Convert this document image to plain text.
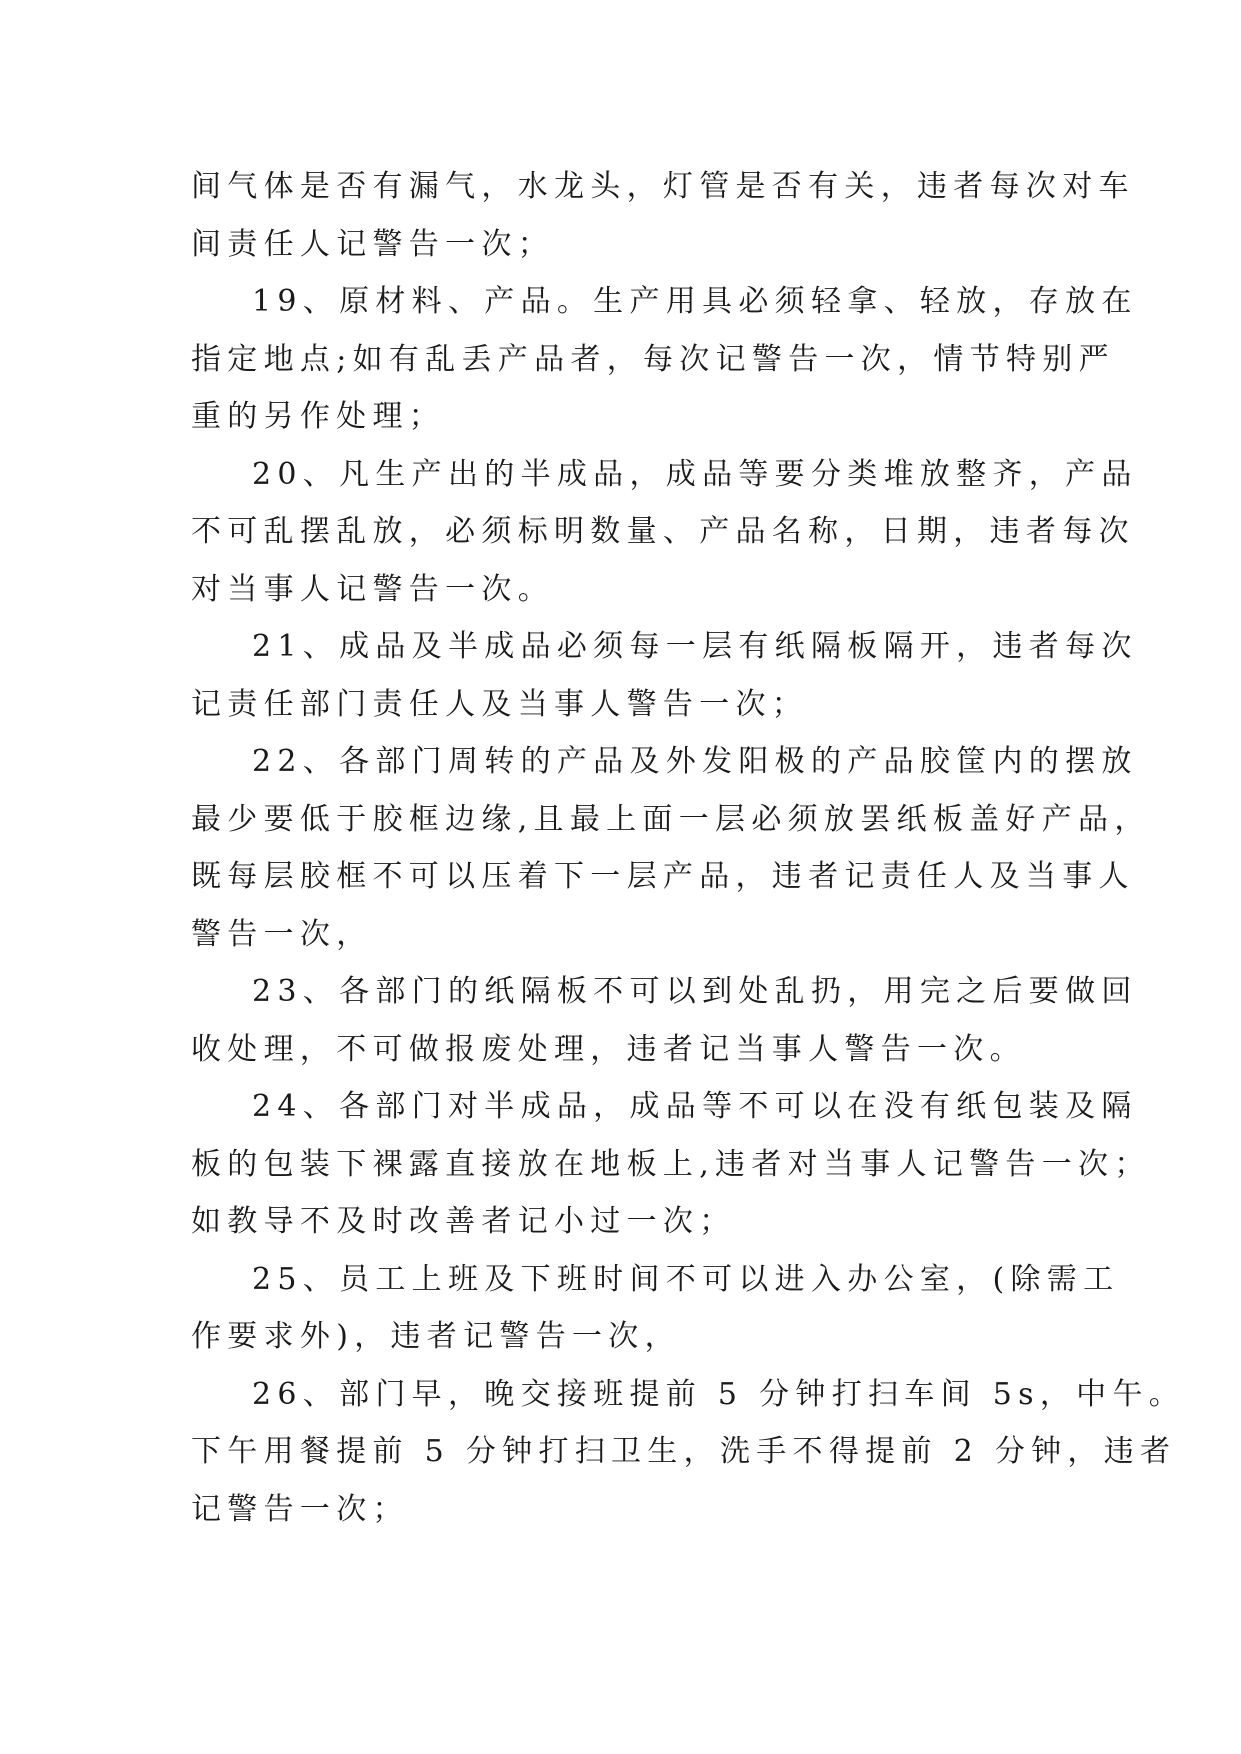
间气体是否有漏气，水龙头，灯管是否有关，违者每次对车
间责任人记警告一次；
19、原材料、产品。生产用具必须轻拿、轻放，存放在
指定地点;如有乱丢产品者，每次记警告一次，情节特别严
重的另作处理；
20、凡生产出的半成品，成品等要分类堆放整齐，产品
不可乱摆乱放，必须标明数量、产品名称，日期，违者每次
对当事人记警告一次。
21、成品及半成品必须每一层有纸隔板隔开，违者每次
记责任部门责任人及当事人警告一次；
22、各部门周转的产品及外发阳极的产品胶筐内的摆放
最少要低于胶框边缘,且最上面一层必须放罢纸板盖好产品，
既每层胶框不可以压着下一层产品，违者记责任人及当事人
警告一次，
23、各部门的纸隔板不可以到处乱扔，用完之后要做回
收处理，不可做报废处理，违者记当事人警告一次。
24、各部门对半成品，成品等不可以在没有纸包装及隔
板的包装下裸露直接放在地板上,违者对当事人记警告一次；
如教导不及时改善者记小过一次；
25、员工上班及下班时间不可以进入办公室，(除需工
作要求外)，违者记警告一次，
26、部门早，晚交接班提前 5 分钟打扫车间 5s，中午。
下午用餐提前 5 分钟打扫卫生，洗手不得提前 2 分钟，违者
记警告一次；
